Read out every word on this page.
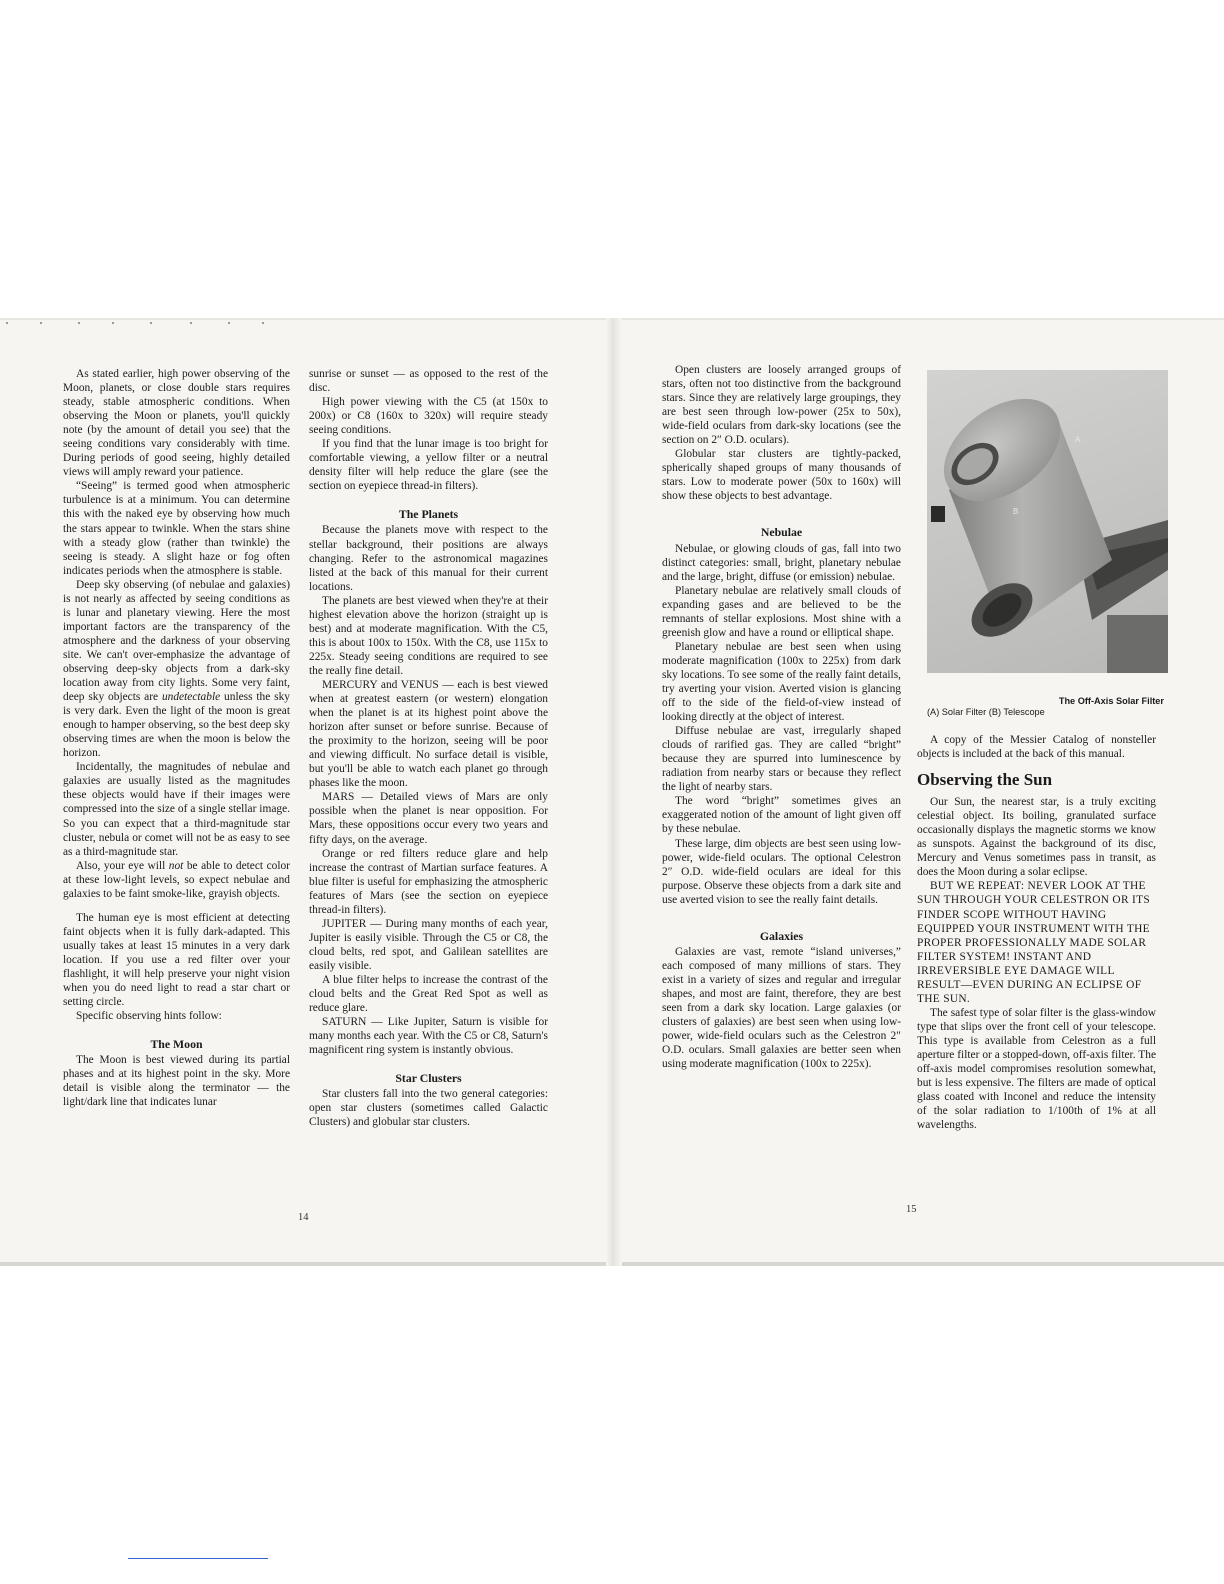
As stated earlier, high power observing of the Moon, planets, or close double stars requires steady, stable atmospheric conditions. When observing the Moon or planets, you'll quickly note (by the amount of detail you see) that the seeing conditions vary considerably with time. During periods of good seeing, highly detailed views will amply reward your patience.

“Seeing” is termed good when atmospheric turbulence is at a minimum. You can determine this with the naked eye by observing how much the stars appear to twinkle. When the stars shine with a steady glow (rather than twinkle) the seeing is steady. A slight haze or fog often indicates periods when the atmosphere is stable.

Deep sky observing (of nebulae and galaxies) is not nearly as affected by seeing conditions as is lunar and planetary viewing. Here the most important factors are the transparency of the atmosphere and the darkness of your observing site. We can't over-emphasize the advantage of observing deep-sky objects from a dark-sky location away from city lights. Some very faint, deep sky objects are undetectable unless the sky is very dark. Even the light of the moon is great enough to hamper observing, so the best deep sky observing times are when the moon is below the horizon.

Incidentally, the magnitudes of nebulae and galaxies are usually listed as the magnitudes these objects would have if their images were compressed into the size of a single stellar image. So you can expect that a third-magnitude star cluster, nebula or comet will not be as easy to see as a third-magnitude star.

Also, your eye will not be able to detect color at these low-light levels, so expect nebulae and galaxies to be faint smoke-like, grayish objects.

The human eye is most efficient at detecting faint objects when it is fully dark-adapted. This usually takes at least 15 minutes in a very dark location. If you use a red filter over your flashlight, it will help preserve your night vision when you do need light to read a star chart or setting circle.

Specific observing hints follow:

The Moon

The Moon is best viewed during its partial phases and at its highest point in the sky. More detail is visible along the terminator — the light/dark line that indicates lunar

sunrise or sunset — as opposed to the rest of the disc.

High power viewing with the C5 (at 150x to 200x) or C8 (160x to 320x) will require steady seeing conditions.

If you find that the lunar image is too bright for comfortable viewing, a yellow filter or a neutral density filter will help reduce the glare (see the section on eyepiece thread-in filters).

The Planets

Because the planets move with respect to the stellar background, their positions are always changing. Refer to the astronomical magazines listed at the back of this manual for their current locations.

The planets are best viewed when they're at their highest elevation above the horizon (straight up is best) and at moderate magnification. With the C5, this is about 100x to 150x. With the C8, use 115x to 225x. Steady seeing conditions are required to see the really fine detail.

MERCURY and VENUS — each is best viewed when at greatest eastern (or western) elongation when the planet is at its highest point above the horizon after sunset or before sunrise. Because of the proximity to the horizon, seeing will be poor and viewing difficult. No surface detail is visible, but you'll be able to watch each planet go through phases like the moon.

MARS — Detailed views of Mars are only possible when the planet is near opposition. For Mars, these oppositions occur every two years and fifty days, on the average.

Orange or red filters reduce glare and help increase the contrast of Martian surface features. A blue filter is useful for emphasizing the atmospheric features of Mars (see the section on eyepiece thread-in filters).

JUPITER — During many months of each year, Jupiter is easily visible. Through the C5 or C8, the cloud belts, red spot, and Galilean satellites are easily visible.

A blue filter helps to increase the contrast of the cloud belts and the Great Red Spot as well as reduce glare.

SATURN — Like Jupiter, Saturn is visible for many months each year. With the C5 or C8, Saturn's magnificent ring system is instantly obvious.

Star Clusters

Star clusters fall into the two general categories: open star clusters (sometimes called Galactic Clusters) and globular star clusters.

14

Open clusters are loosely arranged groups of stars, often not too distinctive from the background stars. Since they are relatively large groupings, they are best seen through low-power (25x to 50x), wide-field oculars from dark-sky locations (see the section on 2″ O.D. oculars).

Globular star clusters are tightly-packed, spherically shaped groups of many thousands of stars. Low to moderate power (50x to 160x) will show these objects to best advantage.

Nebulae

Nebulae, or glowing clouds of gas, fall into two distinct categories: small, bright, planetary nebulae and the large, bright, diffuse (or emission) nebulae.

Planetary nebulae are relatively small clouds of expanding gases and are believed to be the remnants of stellar explosions. Most shine with a greenish glow and have a round or elliptical shape.

Planetary nebulae are best seen when using moderate magnification (100x to 225x) from dark sky locations. To see some of the really faint details, try averting your vision. Averted vision is glancing off to the side of the field-of-view instead of looking directly at the object of interest.

Diffuse nebulae are vast, irregularly shaped clouds of rarified gas. They are called “bright” because they are spurred into luminescence by radiation from nearby stars or because they reflect the light of nearby stars.

The word “bright” sometimes gives an exaggerated notion of the amount of light given off by these nebulae.

These large, dim objects are best seen using low-power, wide-field oculars. The optional Celestron 2″ O.D. wide-field oculars are ideal for this purpose. Observe these objects from a dark site and use averted vision to see the really faint details.

Galaxies

Galaxies are vast, remote “island universes,” each composed of many millions of stars. They exist in a variety of sizes and regular and irregular shapes, and most are faint, therefore, they are best seen from a dark sky location. Large galaxies (or clusters of galaxies) are best seen when using low-power, wide-field oculars such as the Celestron 2″ O.D. oculars. Small galaxies are better seen when using moderate magnification (100x to 225x).

A
B
The Off-Axis Solar Filter
(A) Solar Filter (B) Telescope

A copy of the Messier Catalog of nonsteller objects is included at the back of this manual.

Observing the Sun

Our Sun, the nearest star, is a truly exciting celestial object. Its boiling, granulated surface occasionally displays the magnetic storms we know as sunspots. Against the background of its disc, Mercury and Venus sometimes pass in transit, as does the Moon during a solar eclipse.

BUT WE REPEAT: NEVER LOOK AT THE SUN THROUGH YOUR CELESTRON OR ITS FINDER SCOPE WITHOUT HAVING EQUIPPED YOUR INSTRUMENT WITH THE PROPER PROFESSIONALLY MADE SOLAR FILTER SYSTEM! INSTANT AND IRREVERSIBLE EYE DAMAGE WILL RESULT—EVEN DURING AN ECLIPSE OF THE SUN.

The safest type of solar filter is the glass-window type that slips over the front cell of your telescope. This type is available from Celestron as a full aperture filter or a stopped-down, off-axis filter. The off-axis model compromises resolution somewhat, but is less expensive. The filters are made of optical glass coated with Inconel and reduce the intensity of the solar radiation to 1/100th of 1% at all wavelengths.

15
